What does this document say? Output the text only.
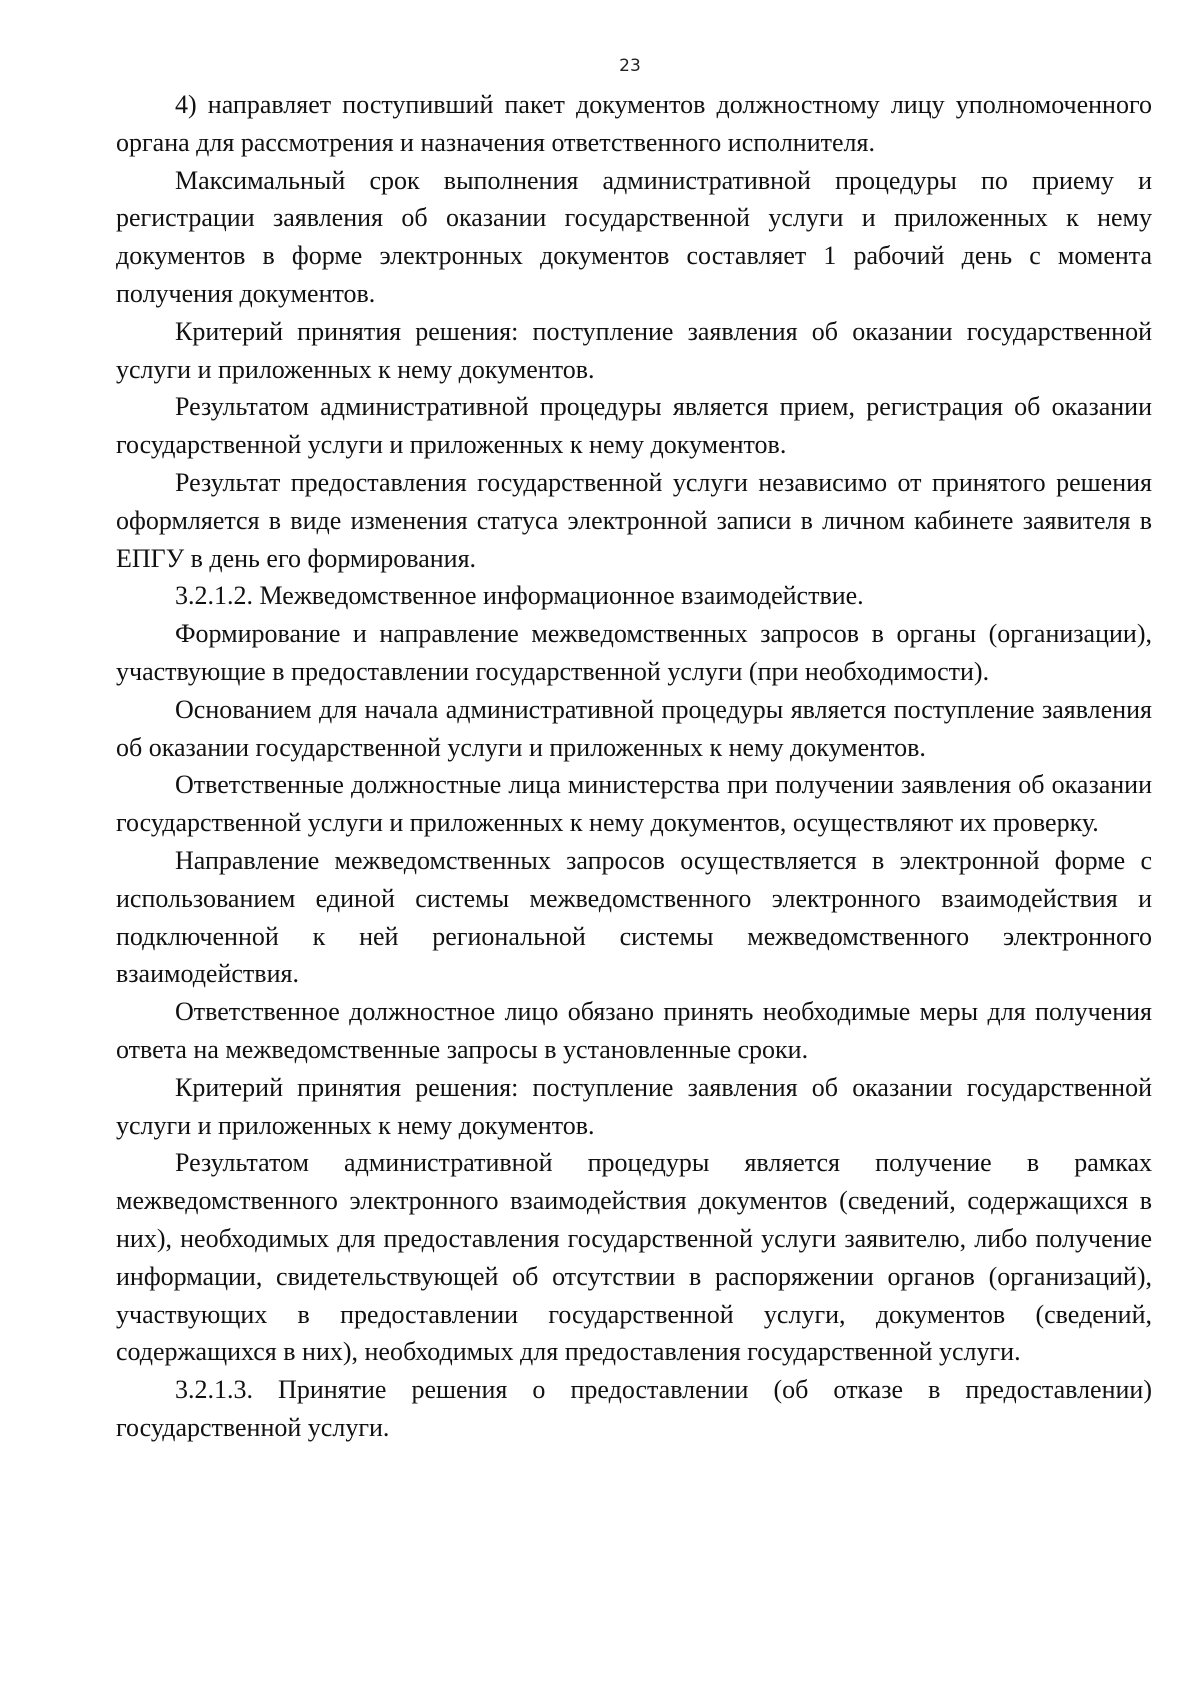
23

4) направляет поступивший пакет документов должностному лицу уполномоченного органа для рассмотрения и назначения ответственного исполнителя.

Максимальный срок выполнения административной процедуры по приему и регистрации заявления об оказании государственной услуги и приложенных к нему документов в форме электронных документов составляет 1 рабочий день с момента получения документов.

Критерий принятия решения: поступление заявления об оказании государственной услуги и приложенных к нему документов.

Результатом административной процедуры является прием, регистрация об оказании государственной услуги и приложенных к нему документов.

Результат предоставления государственной услуги независимо от принятого решения оформляется в виде изменения статуса электронной записи в личном кабинете заявителя в ЕПГУ в день его формирования.

3.2.1.2. Межведомственное информационное взаимодействие.

Формирование и направление межведомственных запросов в органы (организации), участвующие в предоставлении государственной услуги (при необходимости).

Основанием для начала административной процедуры является поступление заявления об оказании государственной услуги и приложенных к нему документов.

Ответственные должностные лица министерства при получении заявления об оказании государственной услуги и приложенных к нему документов, осуществляют их проверку.

Направление межведомственных запросов осуществляется в электронной форме с использованием единой системы межведомственного электронного взаимодействия и подключенной к ней региональной системы межведомственного электронного взаимодействия.

Ответственное должностное лицо обязано принять необходимые меры для получения ответа на межведомственные запросы в установленные сроки.

Критерий принятия решения: поступление заявления об оказании государственной услуги и приложенных к нему документов.

Результатом административной процедуры является получение в рамках межведомственного электронного взаимодействия документов (сведений, содержащихся в них), необходимых для предоставления государственной услуги заявителю, либо получение информации, свидетельствующей об отсутствии в распоряжении органов (организаций), участвующих в предоставлении государственной услуги, документов (сведений, содержащихся в них), необходимых для предоставления государственной услуги.

3.2.1.3. Принятие решения о предоставлении (об отказе в предоставлении) государственной услуги.
